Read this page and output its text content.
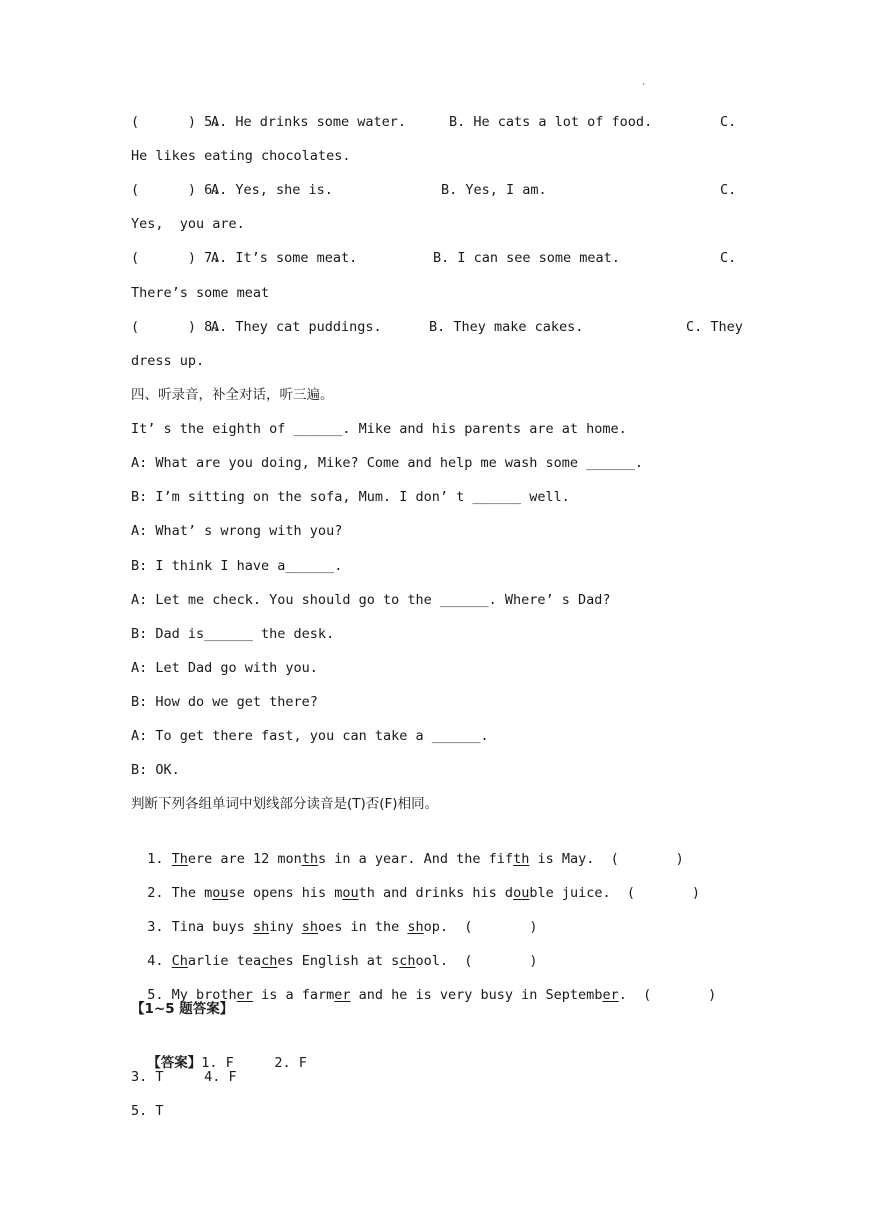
·
(      ) 5.
A. He drinks some water.	B. He cats a lot of food.	C.
He likes eating chocolates.
(      ) 6.
A. Yes, she is.	B. Yes, I am.	C.
Yes,  you are.
(      ) 7.
A. It’s some meat.	B. I can see some meat.	C.
There’s some meat
(      ) 8.
A. They cat puddings.	B. They make cakes.	C. They
dress up.
四、听录音，补全对话，听三遍。
It’ s the eighth of ______. Mike and his parents are at home.
A: What are you doing, Mike? Come and help me wash some ______.
B: I’m sitting on the sofa, Mum. I don’ t ______ well.
A: What’ s wrong with you?
B: I think I have a______.
A: Let me check. You should go to the ______. Where’ s Dad?
B: Dad is______ the desk.
A: Let Dad go with you.
B: How do we get there?
A: To get there fast, you can take a ______.
B: OK.
判断下列各组单词中划线部分读音是(T)否(F)相同。

1. There are 12 months in a year. And the fifth is May.  (       )

2. The mouse opens his mouth and drinks his double juice.  (       )

3. Tina buys shiny shoes in the shop.  (       )

4. Charlie teaches English at school.  (       )

5. My brother is a farmer and he is very busy in September.  (       )

【1~5 题答案】

【答案】1. F     2. F

3. T     4. F
5. T
